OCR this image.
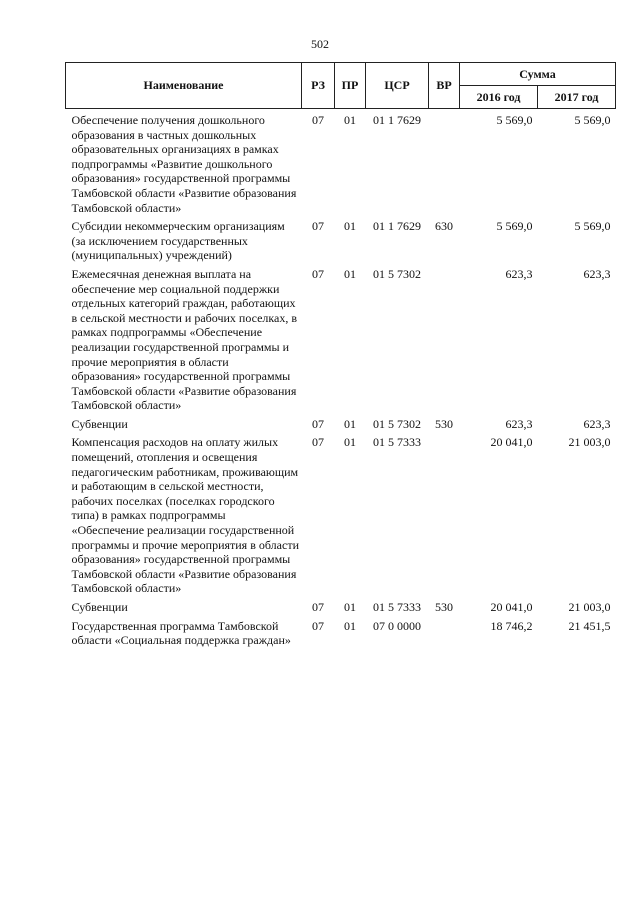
502
Наименование	РЗ	ПР	ЦСР	ВР	Сумма	
					2016 год	2017 год
Обеспечение получения дошкольного образования в частных дошкольных образовательных организациях в рамках подпрограммы «Развитие дошкольного образования» государственной программы Тамбовской области «Развитие образования Тамбовской области»	07	01	01 1 7629		5 569,0	5 569,0
Субсидии некоммерческим организациям (за исключением государственных (муниципальных) учреждений)	07	01	01 1 7629	630	5 569,0	5 569,0
Ежемесячная денежная выплата на обеспечение мер социальной поддержки отдельных категорий граждан, работающих в сельской местности и рабочих поселках, в рамках подпрограммы «Обеспечение реализации государственной программы и прочие мероприятия в области образования» государственной программы Тамбовской области «Развитие образования Тамбовской области»	07	01	01 5 7302		623,3	623,3
Субвенции	07	01	01 5 7302	530	623,3	623,3
Компенсация расходов на оплату жилых помещений, отопления и освещения педагогическим работникам, проживающим и работающим в сельской местности, рабочих поселках (поселках городского типа) в рамках подпрограммы «Обеспечение реализации государственной программы и прочие мероприятия в области образования» государственной программы Тамбовской области «Развитие образования Тамбовской области»	07	01	01 5 7333		20 041,0	21 003,0
Субвенции	07	01	01 5 7333	530	20 041,0	21 003,0
Государственная программа Тамбовской области «Социальная поддержка граждан»	07	01	07 0 0000		18 746,2	21 451,5
